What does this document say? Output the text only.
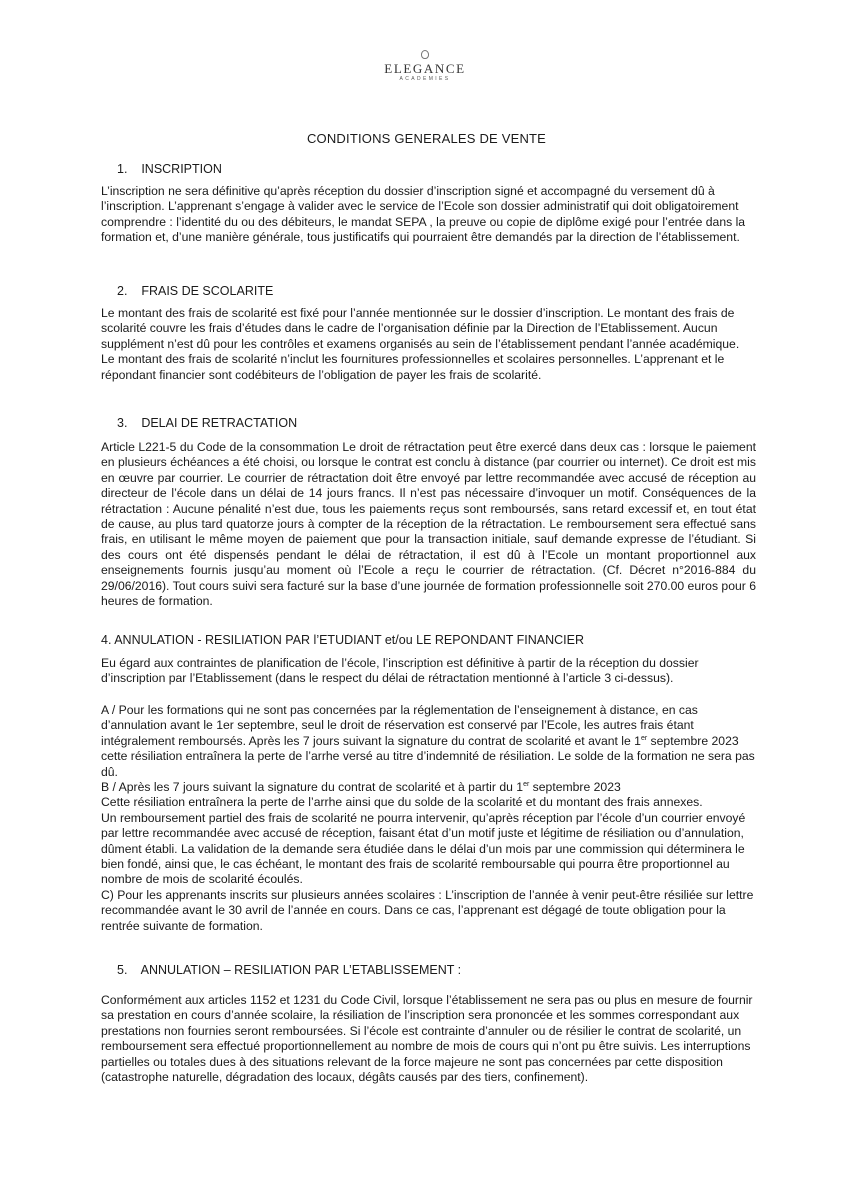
ELEGANCE
ACADEMIES
CONDITIONS GENERALES DE VENTE
1.    INSCRIPTION

L’inscription ne sera définitive qu’après réception du dossier d’inscription signé et accompagné du versement dû à l’inscription. L’apprenant s’engage à valider avec le service de l’Ecole son dossier administratif qui doit obligatoirement comprendre : l’identité du ou des débiteurs, le mandat SEPA , la preuve ou copie de diplôme exigé pour l’entrée dans la formation et, d’une manière générale, tous justificatifs qui pourraient être demandés par la direction de l’établissement.

2.    FRAIS DE SCOLARITE

Le montant des frais de scolarité est fixé pour l’année mentionnée sur le dossier d’inscription. Le montant des frais de scolarité couvre les frais d’études dans le cadre de l’organisation définie par la Direction de l’Etablissement. Aucun supplément n’est dû pour les contrôles et examens organisés au sein de l’établissement pendant l’année académique. Le montant des frais de scolarité n’inclut les fournitures professionnelles et scolaires personnelles. L’apprenant et le répondant financier sont codébiteurs de l’obligation de payer les frais de scolarité.

3.    DELAI DE RETRACTATION

Article L221-5 du Code de la consommation Le droit de rétractation peut être exercé dans deux cas : lorsque le paiement en plusieurs échéances a été choisi, ou lorsque le contrat est conclu à distance (par courrier ou internet). Ce droit est mis en œuvre par courrier. Le courrier de rétractation doit être envoyé par lettre recommandée avec accusé de réception au directeur de l’école dans un délai de 14 jours francs. Il n’est pas nécessaire d’invoquer un motif. Conséquences de la rétractation : Aucune pénalité n’est due, tous les paiements reçus sont remboursés, sans retard excessif et, en tout état de cause, au plus tard quatorze jours à compter de la réception de la rétractation. Le remboursement sera effectué sans frais, en utilisant le même moyen de paiement que pour la transaction initiale, sauf demande expresse de l’étudiant. Si des cours ont été dispensés pendant le délai de rétractation, il est dû à l’Ecole un montant proportionnel aux enseignements fournis jusqu’au moment où l’Ecole a reçu le courrier de rétractation. (Cf. Décret n°2016-884 du 29/06/2016). Tout cours suivi sera facturé sur la base d’une journée de formation professionnelle soit 270.00 euros pour 6 heures de formation.

4. ANNULATION - RESILIATION PAR l’ETUDIANT et/ou LE REPONDANT FINANCIER

Eu égard aux contraintes de planification de l’école, l’inscription est définitive à partir de la réception du dossier d’inscription par l’Etablissement (dans le respect du délai de rétractation mentionné à l’article 3 ci-dessus).

A / Pour les formations qui ne sont pas concernées par la réglementation de l’enseignement à distance, en cas d’annulation avant le 1er septembre, seul le droit de réservation est conservé par l’Ecole, les autres frais étant intégralement remboursés. Après les 7 jours suivant la signature du contrat de scolarité et avant le 1er septembre 2023 cette résiliation entraînera la perte de l’arrhe versé au titre d’indemnité de résiliation. Le solde de la formation ne sera pas dû.
B / Après les 7 jours suivant la signature du contrat de scolarité et à partir du 1er septembre 2023
Cette résiliation entraînera la perte de l’arrhe ainsi que du solde de la scolarité et du montant des frais annexes.
Un remboursement partiel des frais de scolarité ne pourra intervenir, qu’après réception par l’école d’un courrier envoyé par lettre recommandée avec accusé de réception, faisant état d’un motif juste et légitime de résiliation ou d’annulation, dûment établi. La validation de la demande sera étudiée dans le délai d’un mois par une commission qui déterminera le bien fondé, ainsi que, le cas échéant, le montant des frais de scolarité remboursable qui pourra être proportionnel au nombre de mois de scolarité écoulés.
C) Pour les apprenants inscrits sur plusieurs années scolaires : L’inscription de l’année à venir peut-être résiliée sur lettre recommandée avant le 30 avril de l’année en cours. Dans ce cas, l’apprenant est dégagé de toute obligation pour la rentrée suivante de formation.
5.    ANNULATION – RESILIATION PAR L’ETABLISSEMENT :

Conformément aux articles 1152 et 1231 du Code Civil, lorsque l’établissement ne sera pas ou plus en mesure de fournir sa prestation en cours d’année scolaire, la résiliation de l’inscription sera prononcée et les sommes correspondant aux prestations non fournies seront remboursées. Si l’école est contrainte d’annuler ou de résilier le contrat de scolarité, un remboursement sera effectué proportionnellement au nombre de mois de cours qui n’ont pu être suivis. Les interruptions partielles ou totales dues à des situations relevant de la force majeure ne sont pas concernées par cette disposition (catastrophe naturelle, dégradation des locaux, dégâts causés par des tiers, confinement).
